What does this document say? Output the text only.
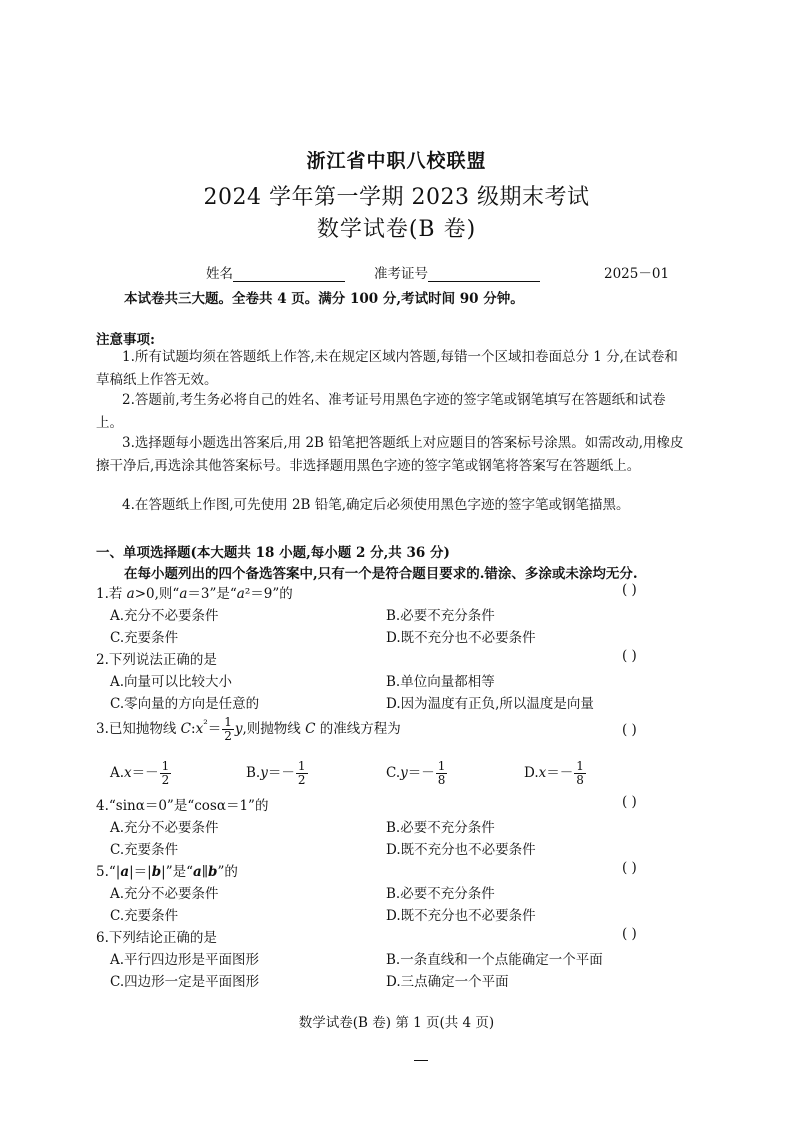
浙江省中职八校联盟
2024 学年第一学期 2023 级期末考试
数学试卷(B 卷)
姓名	准考证号	2025－01
本试卷共三大题。全卷共 4 页。满分 100 分,考试时间 90 分钟。
注意事项:
1.所有试题均须在答题纸上作答,未在规定区域内答题,每错一个区域扣卷面总分 1 分,在试卷和草稿纸上作答无效。
2.答题前,考生务必将自己的姓名、准考证号用黑色字迹的签字笔或钢笔填写在答题纸和试卷上。
3.选择题每小题选出答案后,用 2B 铅笔把答题纸上对应题目的答案标号涂黑。如需改动,用橡皮擦干净后,再选涂其他答案标号。非选择题用黑色字迹的签字笔或钢笔将答案写在答题纸上。
4.在答题纸上作图,可先使用 2B 铅笔,确定后必须使用黑色字迹的签字笔或钢笔描黑。
一、单项选择题(本大题共 18 小题,每小题 2 分,共 36 分)
在每小题列出的四个备选答案中,只有一个是符合题目要求的.错涂、多涂或未涂均无分.
1.若 a>0,则“a＝3”是“a²＝9”的	( )
A.充分不必要条件	B.必要不充分条件
C.充要条件	D.既不充分也不必要条件
2.下列说法正确的是	( )
A.向量可以比较大小	B.单位向量都相等
C.零向量的方向是任意的	D.因为温度有正负,所以温度是向量
3.已知抛物线 $C:x^{^2}= \frac{1}{2} y$,则抛物线 C 的准线方程为	( )
$A.x=- \frac{1}{2}$	$B.y=- \frac{1}{2}$	$C.y=- \frac{1}{8}$	$D.x=- \frac{1}{8}$
4.“sinα＝0”是“cosα＝1”的	( )
A.充分不必要条件	B.必要不充分条件
C.充要条件	D.既不充分也不必要条件
5.“|a|＝|b|”是“a∥b”的	( )
A.充分不必要条件	B.必要不充分条件
C.充要条件	D.既不充分也不必要条件
6.下列结论正确的是	( )
A.平行四边形是平面图形	B.一条直线和一个点能确定一个平面
C.四边形一定是平面图形	D.三点确定一个平面
数学试卷(B 卷) 第 1 页(共 4 页)
